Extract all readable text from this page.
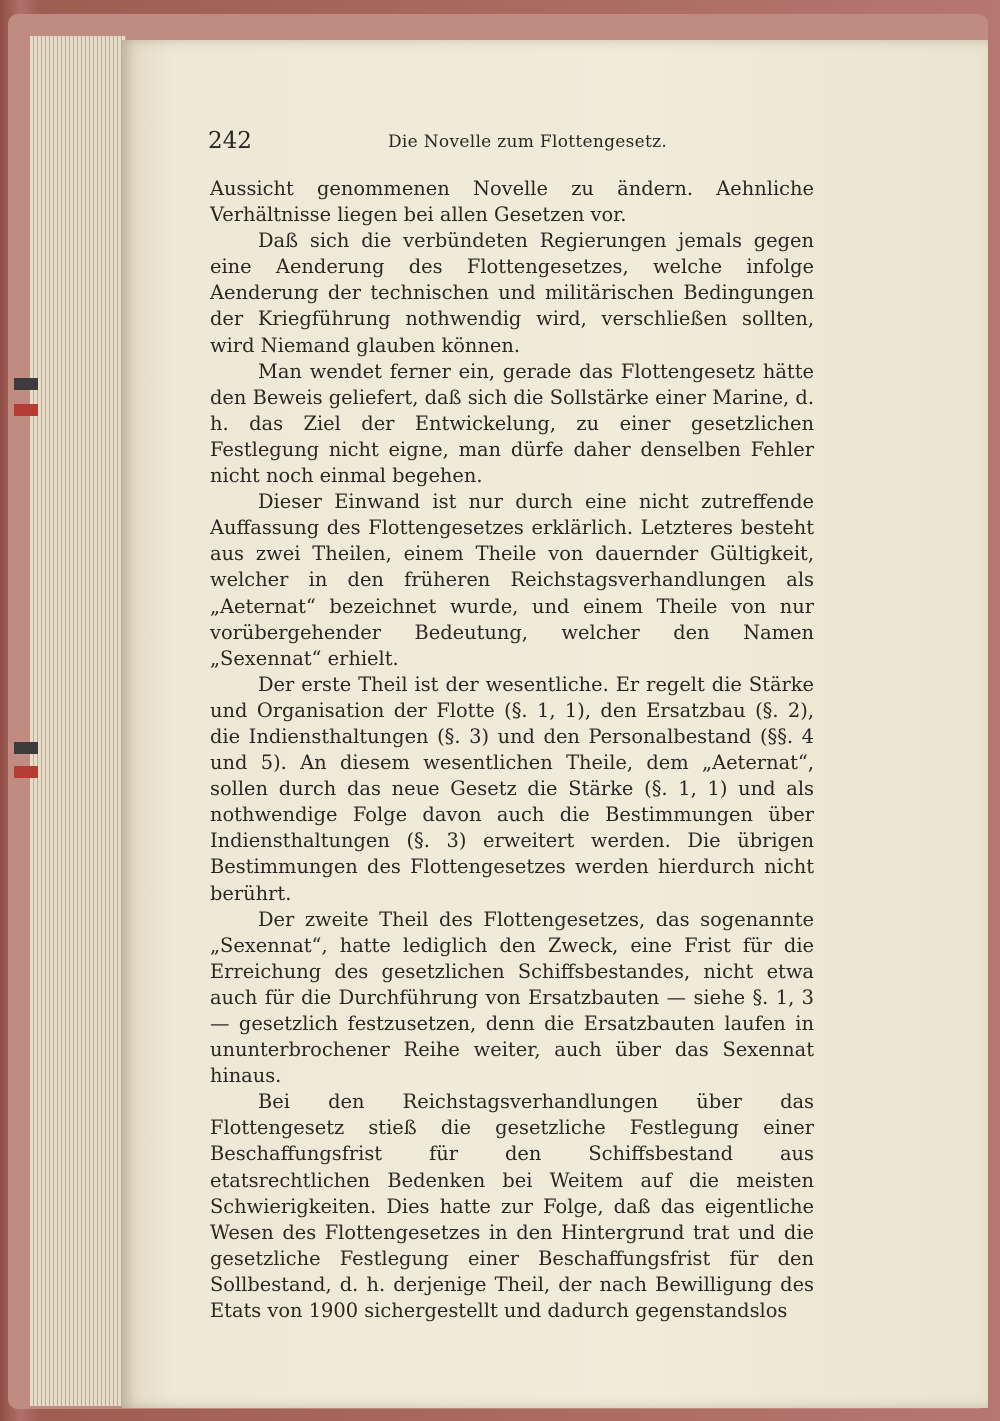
242	Die Novelle zum Flottengesetz.

Aussicht genommenen Novelle zu ändern. Aehnliche Verhältnisse liegen bei allen Gesetzen vor.

Daß sich die verbündeten Regierungen jemals gegen eine Aenderung des Flottengesetzes, welche infolge Aenderung der technischen und militärischen Bedingungen der Kriegführung nothwendig wird, verschließen sollten, wird Niemand glauben können.

Man wendet ferner ein, gerade das Flottengesetz hätte den Beweis geliefert, daß sich die Sollstärke einer Marine, d. h. das Ziel der Entwickelung, zu einer gesetzlichen Festlegung nicht eigne, man dürfe daher denselben Fehler nicht noch einmal begehen.

Dieser Einwand ist nur durch eine nicht zutreffende Auffassung des Flottengesetzes erklärlich. Letzteres besteht aus zwei Theilen, einem Theile von dauernder Gültigkeit, welcher in den früheren Reichstagsverhandlungen als „Aeternat“ bezeichnet wurde, und einem Theile von nur vorübergehender Bedeutung, welcher den Namen „Sexennat“ erhielt.

Der erste Theil ist der wesentliche. Er regelt die Stärke und Organisation der Flotte (§. 1, 1), den Ersatzbau (§. 2), die Indiensthaltungen (§. 3) und den Personalbestand (§§. 4 und 5). An diesem wesentlichen Theile, dem „Aeternat“, sollen durch das neue Gesetz die Stärke (§. 1, 1) und als nothwendige Folge davon auch die Bestimmungen über Indiensthaltungen (§. 3) erweitert werden. Die übrigen Bestimmungen des Flottengesetzes werden hierdurch nicht berührt.

Der zweite Theil des Flottengesetzes, das sogenannte „Sexennat“, hatte lediglich den Zweck, eine Frist für die Erreichung des gesetzlichen Schiffsbestandes, nicht etwa auch für die Durchführung von Ersatzbauten — siehe §. 1, 3 — gesetzlich festzusetzen, denn die Ersatzbauten laufen in ununterbrochener Reihe weiter, auch über das Sexennat hinaus.

Bei den Reichstagsverhandlungen über das Flottengesetz stieß die gesetzliche Festlegung einer Beschaffungsfrist für den Schiffsbestand aus etatsrechtlichen Bedenken bei Weitem auf die meisten Schwierigkeiten. Dies hatte zur Folge, daß das eigentliche Wesen des Flottengesetzes in den Hintergrund trat und die gesetzliche Festlegung einer Beschaffungsfrist für den Sollbestand, d. h. derjenige Theil, der nach Bewilligung des Etats von 1900 sichergestellt und dadurch gegenstandslos
